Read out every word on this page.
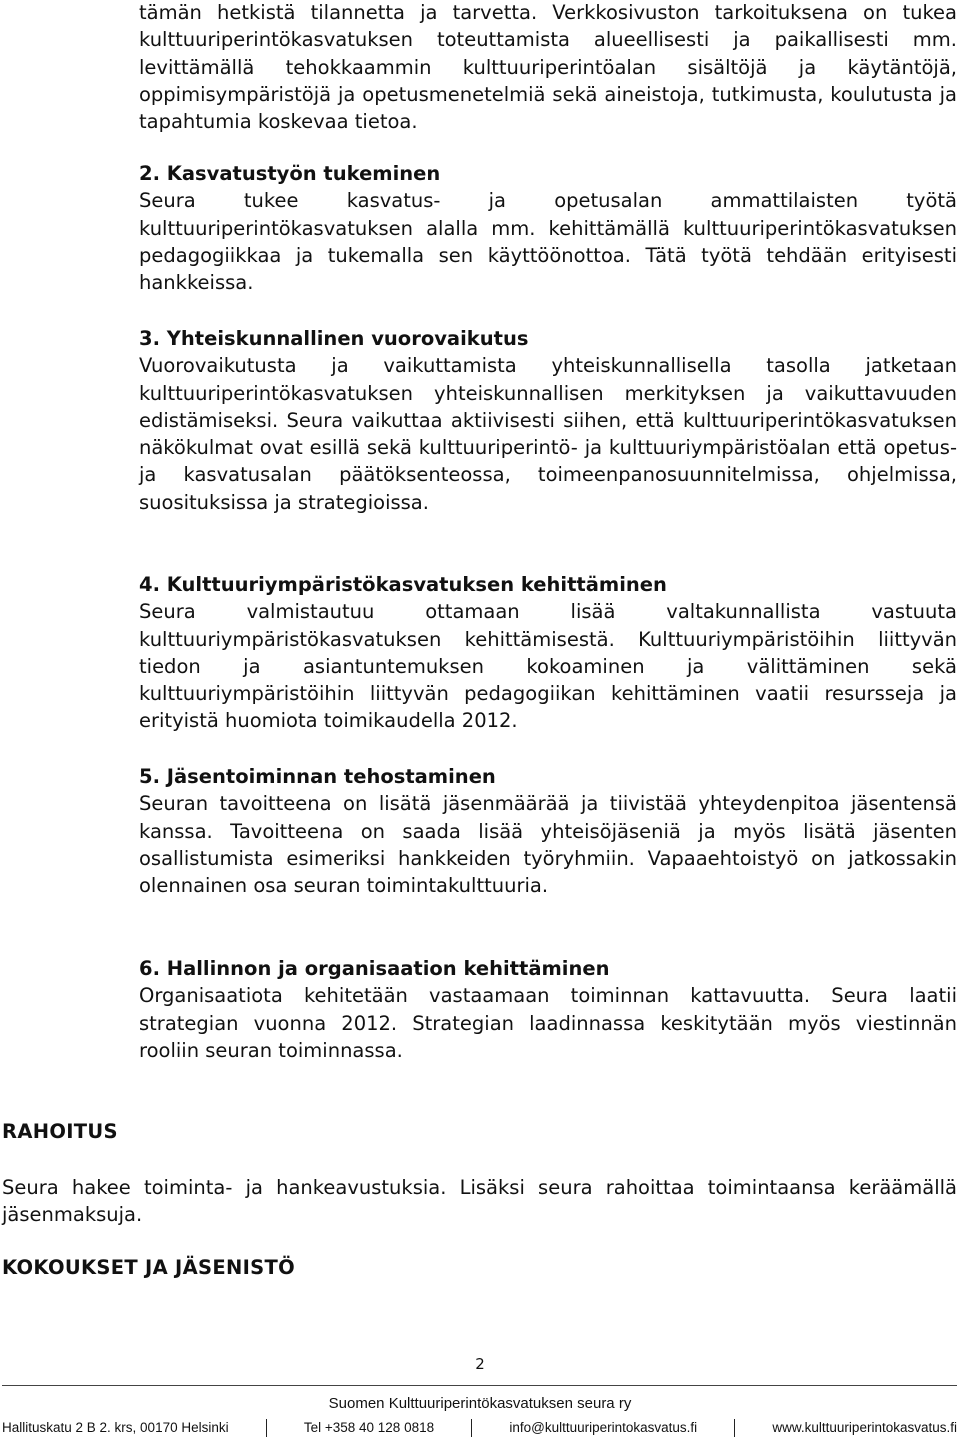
tämän hetkistä tilannetta ja tarvetta. Verkkosivuston tarkoituksena on tukea kulttuuriperintökasvatuksen toteuttamista alueellisesti ja paikallisesti mm. levittämällä tehokkaammin kulttuuriperintöalan sisältöjä ja käytäntöjä, oppimisympäristöjä ja opetusmenetelmiä sekä aineistoja, tutkimusta, koulutusta ja tapahtumia koskevaa tietoa.

2. Kasvatustyön tukeminen

Seura tukee kasvatus- ja opetusalan ammattilaisten työtä kulttuuriperintökasvatuksen alalla mm. kehittämällä kulttuuriperintökasvatuksen pedagogiikkaa ja tukemalla sen käyttöönottoa. Tätä työtä tehdään erityisesti hankkeissa.

3. Yhteiskunnallinen vuorovaikutus

Vuorovaikutusta ja vaikuttamista yhteiskunnallisella tasolla jatketaan kulttuuriperintökasvatuksen yhteiskunnallisen merkityksen ja vaikuttavuuden edistämiseksi. Seura vaikuttaa aktiivisesti siihen, että kulttuuriperintökasvatuksen näkökulmat ovat esillä sekä kulttuuriperintö- ja kulttuuriympäristöalan että opetus- ja kasvatusalan päätöksenteossa, toimeenpanosuunnitelmissa, ohjelmissa, suosituksissa ja strategioissa.

4. Kulttuuriympäristökasvatuksen kehittäminen

Seura valmistautuu ottamaan lisää valtakunnallista vastuuta kulttuuriympäristökasvatuksen kehittämisestä. Kulttuuriympäristöihin liittyvän tiedon ja asiantuntemuksen kokoaminen ja välittäminen sekä kulttuuriympäristöihin liittyvän pedagogiikan kehittäminen vaatii resursseja ja erityistä huomiota toimikaudella 2012.

5. Jäsentoiminnan tehostaminen

Seuran tavoitteena on lisätä jäsenmäärää ja tiivistää yhteydenpitoa jäsentensä kanssa. Tavoitteena on saada lisää yhteisöjäseniä ja myös lisätä jäsenten osallistumista esimeriksi hankkeiden työryhmiin. Vapaaehtoistyö on jatkossakin olennainen osa seuran toimintakulttuuria.

6. Hallinnon ja organisaation kehittäminen

Organisaatiota kehitetään vastaamaan toiminnan kattavuutta. Seura laatii strategian vuonna 2012. Strategian laadinnassa keskitytään myös viestinnän rooliin seuran toiminnassa.

RAHOITUS

Seura hakee toiminta- ja hankeavustuksia. Lisäksi seura rahoittaa toimintaansa keräämällä jäsenmaksuja.

KOKOUKSET JA JÄSENISTÖ
2
Suomen Kulttuuriperintökasvatuksen seura ry
Hallituskatu 2 B 2. krs, 00170 Helsinki	Tel +358 40 128 0818	info@kulttuuriperintokasvatus.fi	www.kulttuuriperintokasvatus.fi
